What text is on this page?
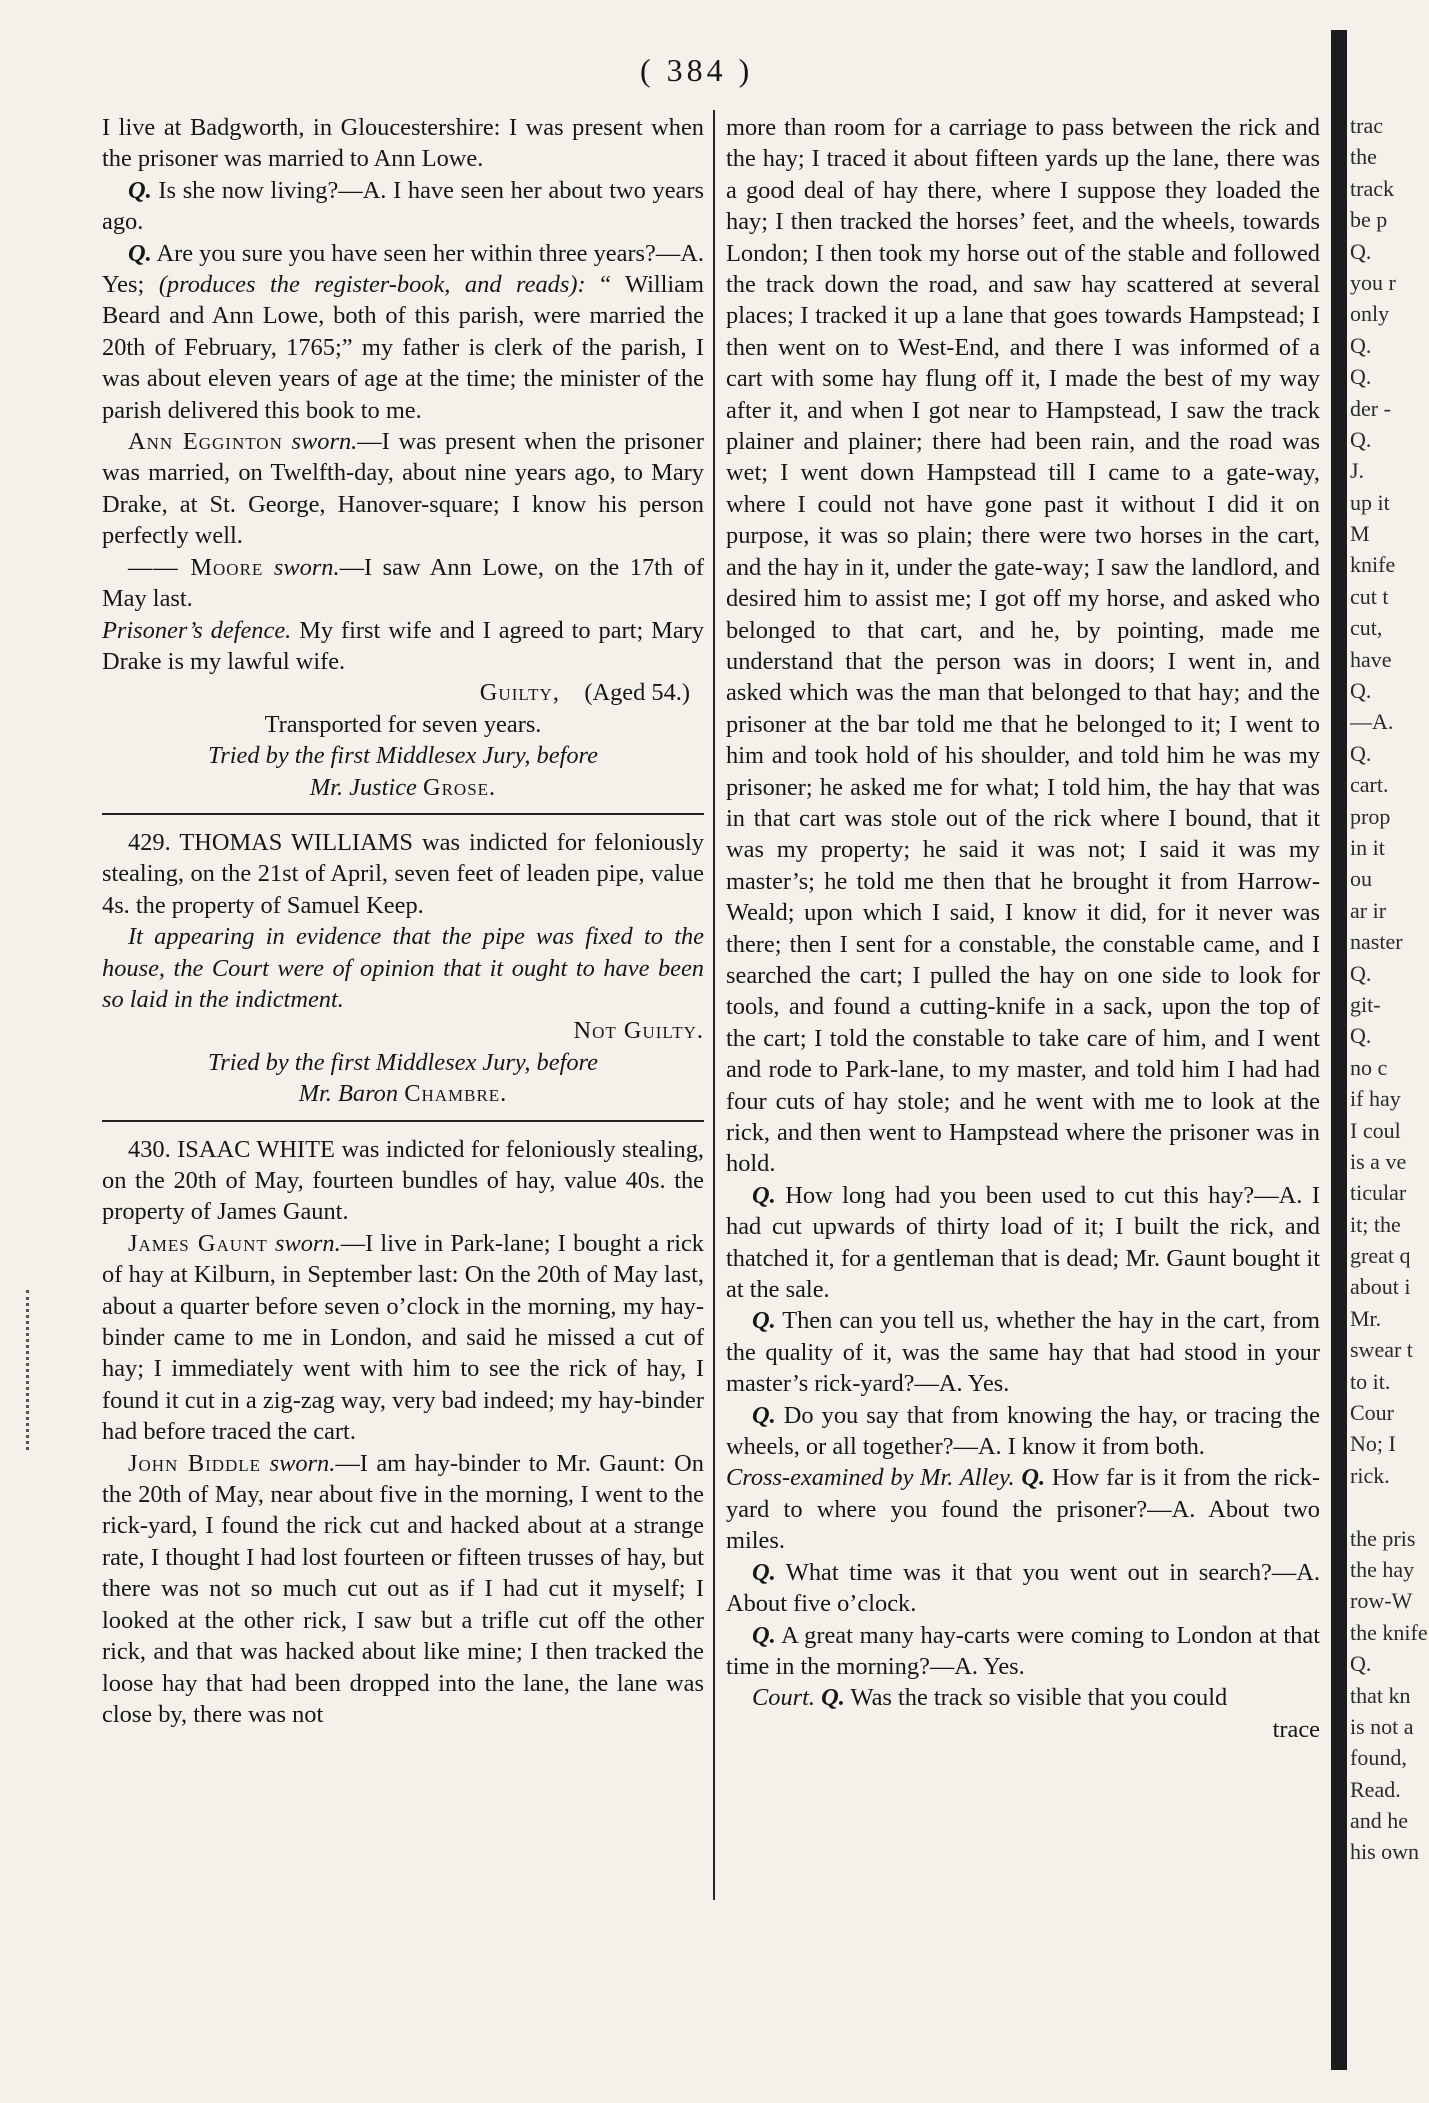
( 384 )

I live at Badgworth, in Gloucestershire: I was present when the prisoner was married to Ann Lowe.

Q. Is she now living?—A. I have seen her about two years ago.

Q. Are you sure you have seen her within three years?—A. Yes; (produces the register-book, and reads): “ William Beard and Ann Lowe, both of this parish, were married the 20th of February, 1765;” my father is clerk of the parish, I was about eleven years of age at the time; the minister of the parish delivered this book to me.

Ann Egginton sworn.—I was present when the prisoner was married, on Twelfth-day, about nine years ago, to Mary Drake, at St. George, Hanover-square; I know his person perfectly well.

—— Moore sworn.—I saw Ann Lowe, on the 17th of May last.

Prisoner’s defence. My first wife and I agreed to part; Mary Drake is my lawful wife.

Guilty, (Aged 54.)

Transported for seven years.

Tried by the first Middlesex Jury, before

Mr. Justice Grose.

429. THOMAS WILLIAMS was indicted for feloniously stealing, on the 21st of April, seven feet of leaden pipe, value 4s. the property of Samuel Keep.

It appearing in evidence that the pipe was fixed to the house, the Court were of opinion that it ought to have been so laid in the indictment.

Not Guilty.

Tried by the first Middlesex Jury, before

Mr. Baron Chambre.

430. ISAAC WHITE was indicted for feloniously stealing, on the 20th of May, fourteen bundles of hay, value 40s. the property of James Gaunt.

James Gaunt sworn.—I live in Park-lane; I bought a rick of hay at Kilburn, in September last: On the 20th of May last, about a quarter before seven o’clock in the morning, my hay-binder came to me in London, and said he missed a cut of hay; I immediately went with him to see the rick of hay, I found it cut in a zig-zag way, very bad indeed; my hay-binder had before traced the cart.

John Biddle sworn.—I am hay-binder to Mr. Gaunt: On the 20th of May, near about five in the morning, I went to the rick-yard, I found the rick cut and hacked about at a strange rate, I thought I had lost fourteen or fifteen trusses of hay, but there was not so much cut out as if I had cut it myself; I looked at the other rick, I saw but a trifle cut off the other rick, and that was hacked about like mine; I then tracked the loose hay that had been dropped into the lane, the lane was close by, there was not

more than room for a carriage to pass between the rick and the hay; I traced it about fifteen yards up the lane, there was a good deal of hay there, where I suppose they loaded the hay; I then tracked the horses’ feet, and the wheels, towards London; I then took my horse out of the stable and followed the track down the road, and saw hay scattered at several places; I tracked it up a lane that goes towards Hampstead; I then went on to West-End, and there I was informed of a cart with some hay flung off it, I made the best of my way after it, and when I got near to Hampstead, I saw the track plainer and plainer; there had been rain, and the road was wet; I went down Hampstead till I came to a gate-way, where I could not have gone past it without I did it on purpose, it was so plain; there were two horses in the cart, and the hay in it, under the gate-way; I saw the landlord, and desired him to assist me; I got off my horse, and asked who belonged to that cart, and he, by pointing, made me understand that the person was in doors; I went in, and asked which was the man that belonged to that hay; and the prisoner at the bar told me that he belonged to it; I went to him and took hold of his shoulder, and told him he was my prisoner; he asked me for what; I told him, the hay that was in that cart was stole out of the rick where I bound, that it was my property; he said it was not; I said it was my master’s; he told me then that he brought it from Harrow-Weald; upon which I said, I know it did, for it never was there; then I sent for a constable, the constable came, and I searched the cart; I pulled the hay on one side to look for tools, and found a cutting-knife in a sack, upon the top of the cart; I told the constable to take care of him, and I went and rode to Park-lane, to my master, and told him I had had four cuts of hay stole; and he went with me to look at the rick, and then went to Hampstead where the prisoner was in hold.

Q. How long had you been used to cut this hay?—A. I had cut upwards of thirty load of it; I built the rick, and thatched it, for a gentleman that is dead; Mr. Gaunt bought it at the sale.

Q. Then can you tell us, whether the hay in the cart, from the quality of it, was the same hay that had stood in your master’s rick-yard?—A. Yes.

Q. Do you say that from knowing the hay, or tracing the wheels, or all together?—A. I know it from both.

Cross-examined by Mr. Alley. Q. How far is it from the rick-yard to where you found the prisoner?—A. About two miles.

Q. What time was it that you went out in search?—A. About five o’clock.

Q. A great many hay-carts were coming to London at that time in the morning?—A. Yes.

Court. Q. Was the track so visible that you could

trace

trac
the
track
be p
Q.
you r
only
Q.
Q.
der -
Q.
J.
up it
M
knife
cut t
cut,
have
Q.
—A.
Q.
cart.
prop
in it
ou
ar ir
naster
Q.
git-
Q.
no c
if hay
I coul
is a ve
ticular
it; the
great q
about i
Mr.
swear t
to it.
Cour
No; I
rick.
the pris
the hay
row-W
the knife
Q.
that kn
is not a
found,
Read.
and he
his own
